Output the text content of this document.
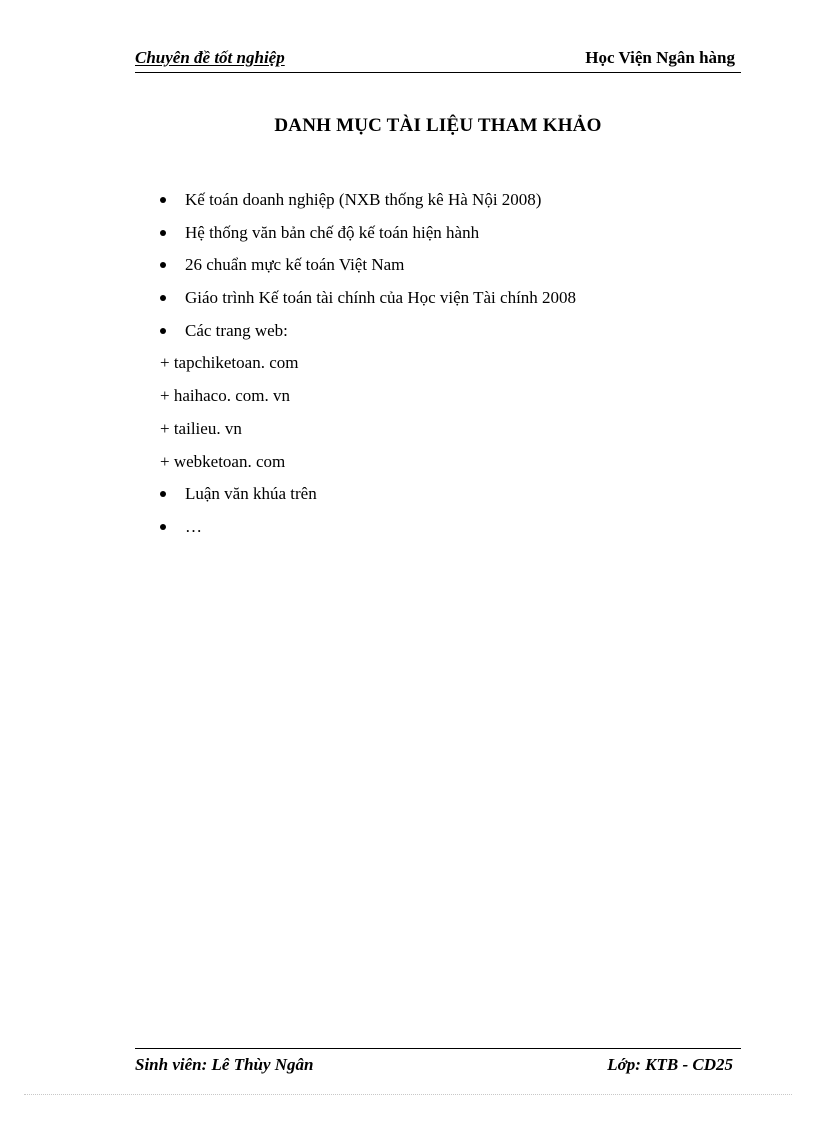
Chuyên đề tốt nghiệp	Học Viện Ngân hàng
DANH MỤC TÀI LIỆU THAM KHẢO
Kế toán doanh nghiệp (NXB thống kê Hà Nội 2008)
Hệ thống văn bản chế độ kế toán hiện hành
26 chuẩn mực kế toán Việt Nam
Giáo trình Kế toán tài chính của Học viện Tài chính 2008
Các trang web:
+ tapchiketoan. com
+ haihaco. com. vn
+ tailieu. vn
+ webketoan. com
Luận văn khúa trên
…
Sinh viên: Lê Thùy Ngân	Lớp: KTB - CD25
